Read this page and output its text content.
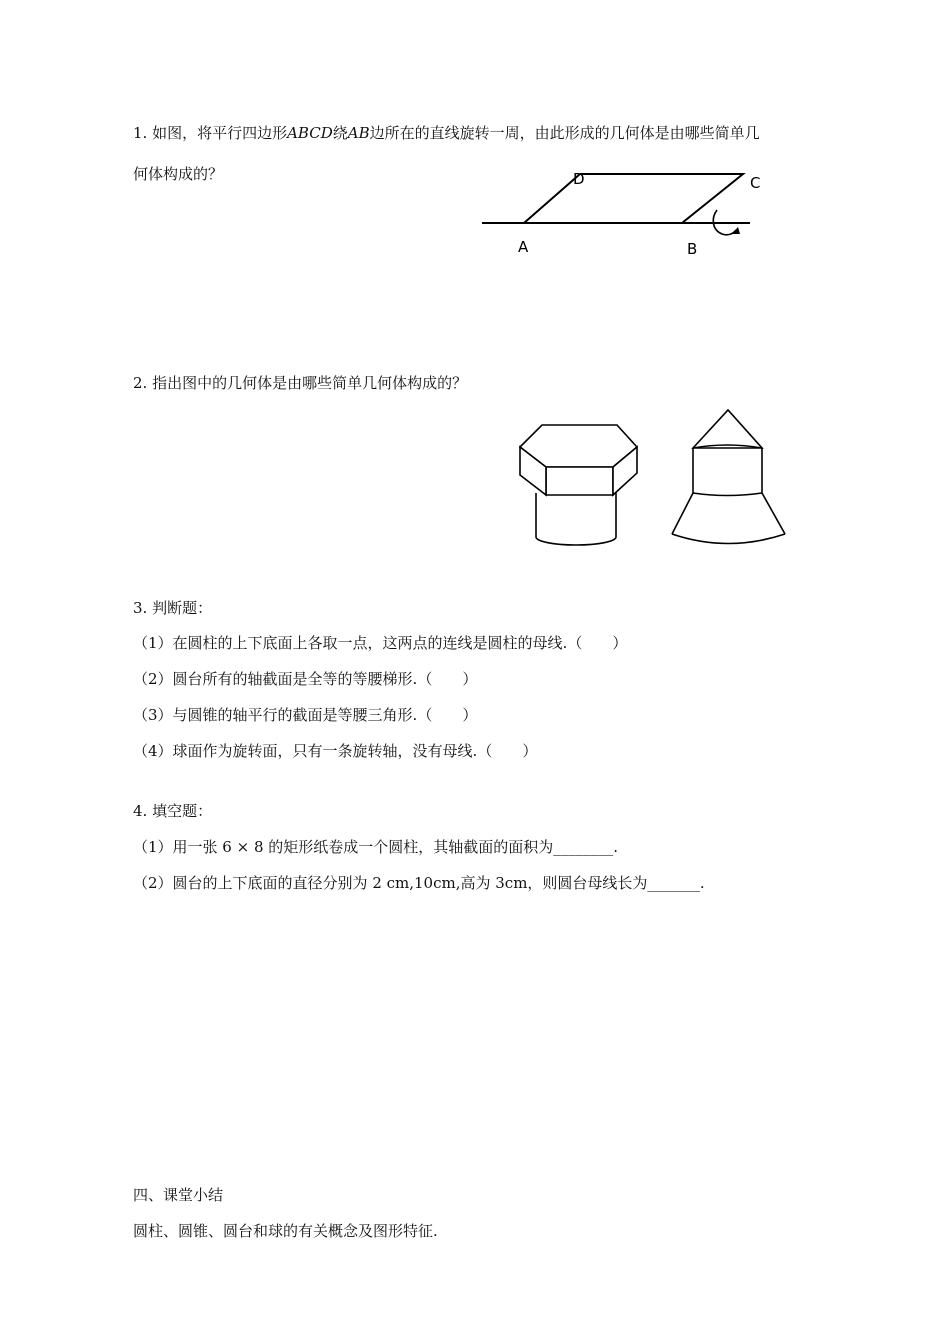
1. 如图，将平行四边形ABCD绕AB边所在的直线旋转一周，由此形成的几何体是由哪些简单几
何体构成的？
A	B
C
D
2. 指出图中的几何体是由哪些简单几何体构成的？
3. 判断题：
（1）在圆柱的上下底面上各取一点，这两点的连线是圆柱的母线.（　　）
（2）圆台所有的轴截面是全等的等腰梯形.（　　）
（3）与圆锥的轴平行的截面是等腰三角形.（　　）
（4）球面作为旋转面，只有一条旋转轴，没有母线.（　　）
4. 填空题：
（1）用一张 6 × 8 的矩形纸卷成一个圆柱，其轴截面的面积为________.
（2）圆台的上下底面的直径分别为 2 cm,10cm,高为 3cm，则圆台母线长为_______.
四、课堂小结
圆柱、圆锥、圆台和球的有关概念及图形特征.
